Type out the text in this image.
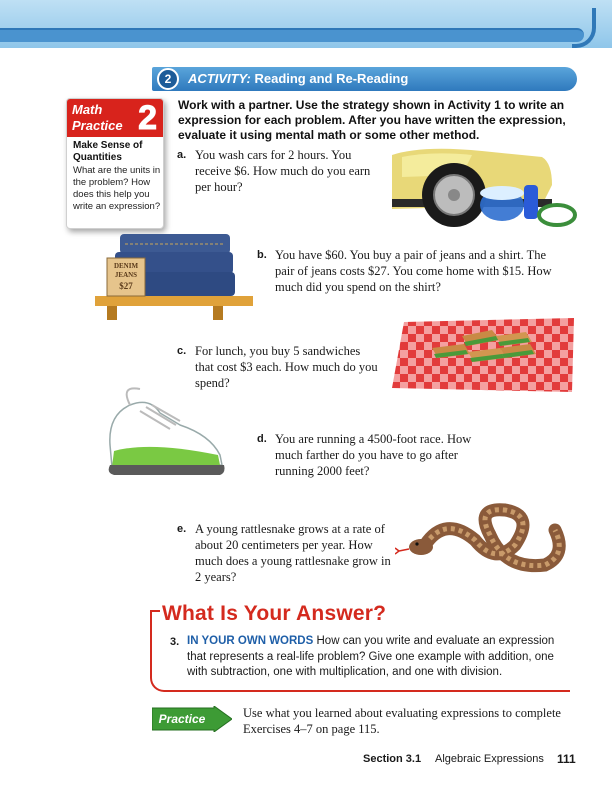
2	ACTIVITY: Reading and Re-Reading
Math
Practice 2
Make Sense of Quantities
What are the units in the problem? How does this help you write an expression?
Work with a partner. Use the strategy shown in Activity 1 to write an expression for each problem. After you have written the expression, evaluate it using mental math or some other method.
a. You wash cars for 2 hours. You receive $6. How much do you earn per hour?
b. You have $60. You buy a pair of jeans and a shirt. The pair of jeans costs $27. You come home with $15. How much did you spend on the shirt?
c. For lunch, you buy 5 sandwiches that cost $3 each. How much do you spend?
d. You are running a 4500-foot race. How much farther do you have to go after running 2000 feet?
e. A young rattlesnake grows at a rate of about 20 centimeters per year. How much does a young rattlesnake grow in 2 years?
DENIM
JEANS
$27
What Is Your Answer?
3. IN YOUR OWN WORDS How can you write and evaluate an expression that represents a real-life problem? Give one example with addition, one with subtraction, one with multiplication, and one with division.
Practice	Use what you learned about evaluating expressions to complete Exercises 4–7 on page 115.
Section 3.1 Algebraic Expressions 111
